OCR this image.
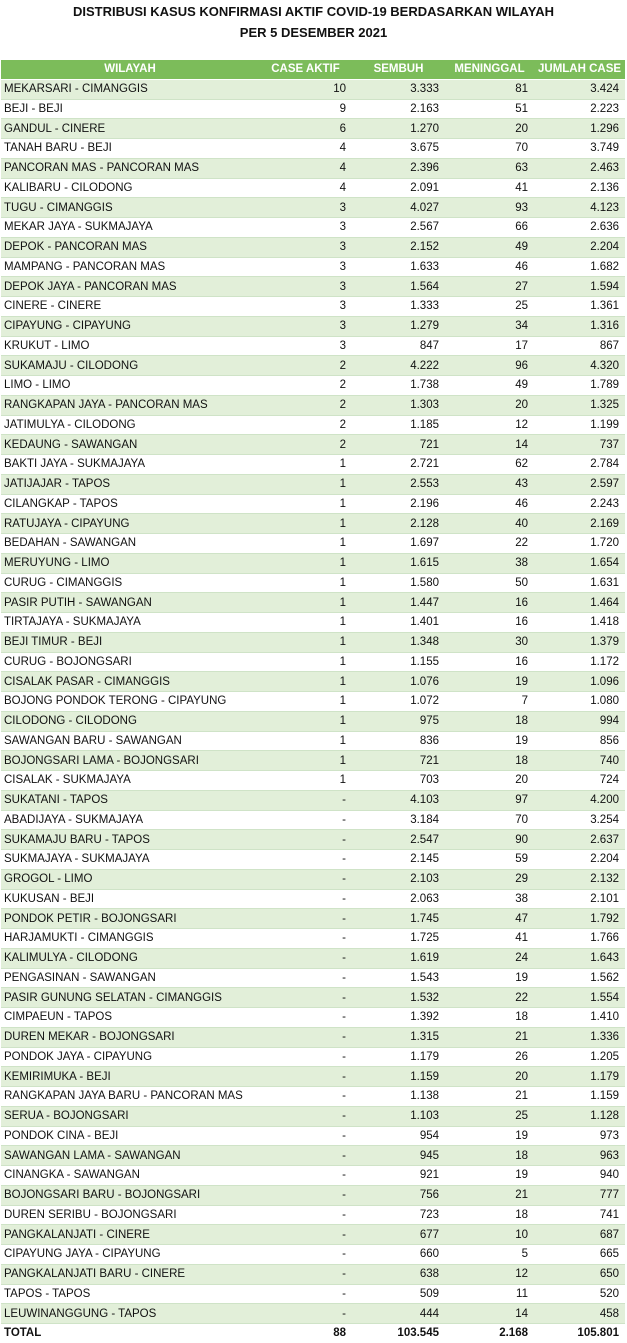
DISTRIBUSI KASUS KONFIRMASI AKTIF COVID-19 BERDASARKAN WILAYAH
PER 5 DESEMBER 2021
WILAYAH	CASE AKTIF	SEMBUH	MENINGGAL	JUMLAH CASE
MEKARSARI - CIMANGGIS	10	3.333	81	3.424
BEJI - BEJI	9	2.163	51	2.223
GANDUL - CINERE	6	1.270	20	1.296
TANAH BARU - BEJI	4	3.675	70	3.749
PANCORAN MAS - PANCORAN MAS	4	2.396	63	2.463
KALIBARU - CILODONG	4	2.091	41	2.136
TUGU - CIMANGGIS	3	4.027	93	4.123
MEKAR JAYA - SUKMAJAYA	3	2.567	66	2.636
DEPOK - PANCORAN MAS	3	2.152	49	2.204
MAMPANG - PANCORAN MAS	3	1.633	46	1.682
DEPOK JAYA - PANCORAN MAS	3	1.564	27	1.594
CINERE - CINERE	3	1.333	25	1.361
CIPAYUNG - CIPAYUNG	3	1.279	34	1.316
KRUKUT - LIMO	3	847	17	867
SUKAMAJU - CILODONG	2	4.222	96	4.320
LIMO - LIMO	2	1.738	49	1.789
RANGKAPAN JAYA - PANCORAN MAS	2	1.303	20	1.325
JATIMULYA - CILODONG	2	1.185	12	1.199
KEDAUNG - SAWANGAN	2	721	14	737
BAKTI JAYA - SUKMAJAYA	1	2.721	62	2.784
JATIJAJAR - TAPOS	1	2.553	43	2.597
CILANGKAP - TAPOS	1	2.196	46	2.243
RATUJAYA - CIPAYUNG	1	2.128	40	2.169
BEDAHAN - SAWANGAN	1	1.697	22	1.720
MERUYUNG - LIMO	1	1.615	38	1.654
CURUG - CIMANGGIS	1	1.580	50	1.631
PASIR PUTIH - SAWANGAN	1	1.447	16	1.464
TIRTAJAYA - SUKMAJAYA	1	1.401	16	1.418
BEJI TIMUR - BEJI	1	1.348	30	1.379
CURUG - BOJONGSARI	1	1.155	16	1.172
CISALAK PASAR - CIMANGGIS	1	1.076	19	1.096
BOJONG PONDOK TERONG - CIPAYUNG	1	1.072	7	1.080
CILODONG - CILODONG	1	975	18	994
SAWANGAN BARU - SAWANGAN	1	836	19	856
BOJONGSARI LAMA - BOJONGSARI	1	721	18	740
CISALAK - SUKMAJAYA	1	703	20	724
SUKATANI - TAPOS	-	4.103	97	4.200
ABADIJAYA - SUKMAJAYA	-	3.184	70	3.254
SUKAMAJU BARU - TAPOS	-	2.547	90	2.637
SUKMAJAYA - SUKMAJAYA	-	2.145	59	2.204
GROGOL - LIMO	-	2.103	29	2.132
KUKUSAN - BEJI	-	2.063	38	2.101
PONDOK PETIR - BOJONGSARI	-	1.745	47	1.792
HARJAMUKTI - CIMANGGIS	-	1.725	41	1.766
KALIMULYA - CILODONG	-	1.619	24	1.643
PENGASINAN - SAWANGAN	-	1.543	19	1.562
PASIR GUNUNG SELATAN - CIMANGGIS	-	1.532	22	1.554
CIMPAEUN - TAPOS	-	1.392	18	1.410
DUREN MEKAR - BOJONGSARI	-	1.315	21	1.336
PONDOK JAYA - CIPAYUNG	-	1.179	26	1.205
KEMIRIMUKA - BEJI	-	1.159	20	1.179
RANGKAPAN JAYA BARU - PANCORAN MAS	-	1.138	21	1.159
SERUA - BOJONGSARI	-	1.103	25	1.128
PONDOK CINA - BEJI	-	954	19	973
SAWANGAN LAMA - SAWANGAN	-	945	18	963
CINANGKA - SAWANGAN	-	921	19	940
BOJONGSARI BARU - BOJONGSARI	-	756	21	777
DUREN SERIBU - BOJONGSARI	-	723	18	741
PANGKALANJATI - CINERE	-	677	10	687
CIPAYUNG JAYA - CIPAYUNG	-	660	5	665
PANGKALANJATI BARU - CINERE	-	638	12	650
TAPOS - TAPOS	-	509	11	520
LEUWINANGGUNG - TAPOS	-	444	14	458
TOTAL	88	103.545	2.168	105.801
